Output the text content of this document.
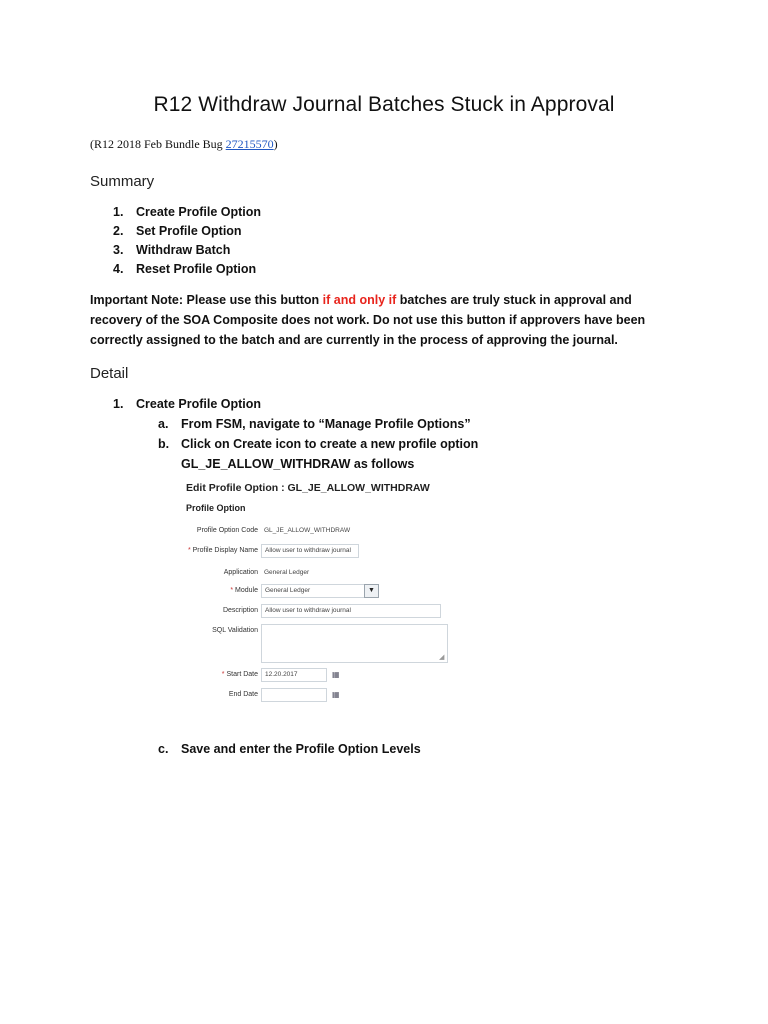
R12 Withdraw Journal Batches Stuck in Approval
(R12 2018 Feb Bundle Bug 27215570)
Summary
1. Create Profile Option
2. Set Profile Option
3. Withdraw Batch
4. Reset Profile Option
Important Note: Please use this button if and only if batches are truly stuck in approval and recovery of the SOA Composite does not work. Do not use this button if approvers have been correctly assigned to the batch and are currently in the process of approving the journal.
Detail
1. Create Profile Option
a. From FSM, navigate to “Manage Profile Options”
b. Click on Create icon to create a new profile option GL_JE_ALLOW_WITHDRAW as follows
Edit Profile Option : GL_JE_ALLOW_WITHDRAW
Profile Option
Profile Option Code GL_JE_ALLOW_WITHDRAW
* Profile Display Name	Allow user to withdraw journal
Application General Ledger
* Module	General Ledger	▼
Description	Allow user to withdraw journal
SQL Validation
◢
* Start Date	12.20.2017	▦
End Date	▦
c. Save and enter the Profile Option Levels
